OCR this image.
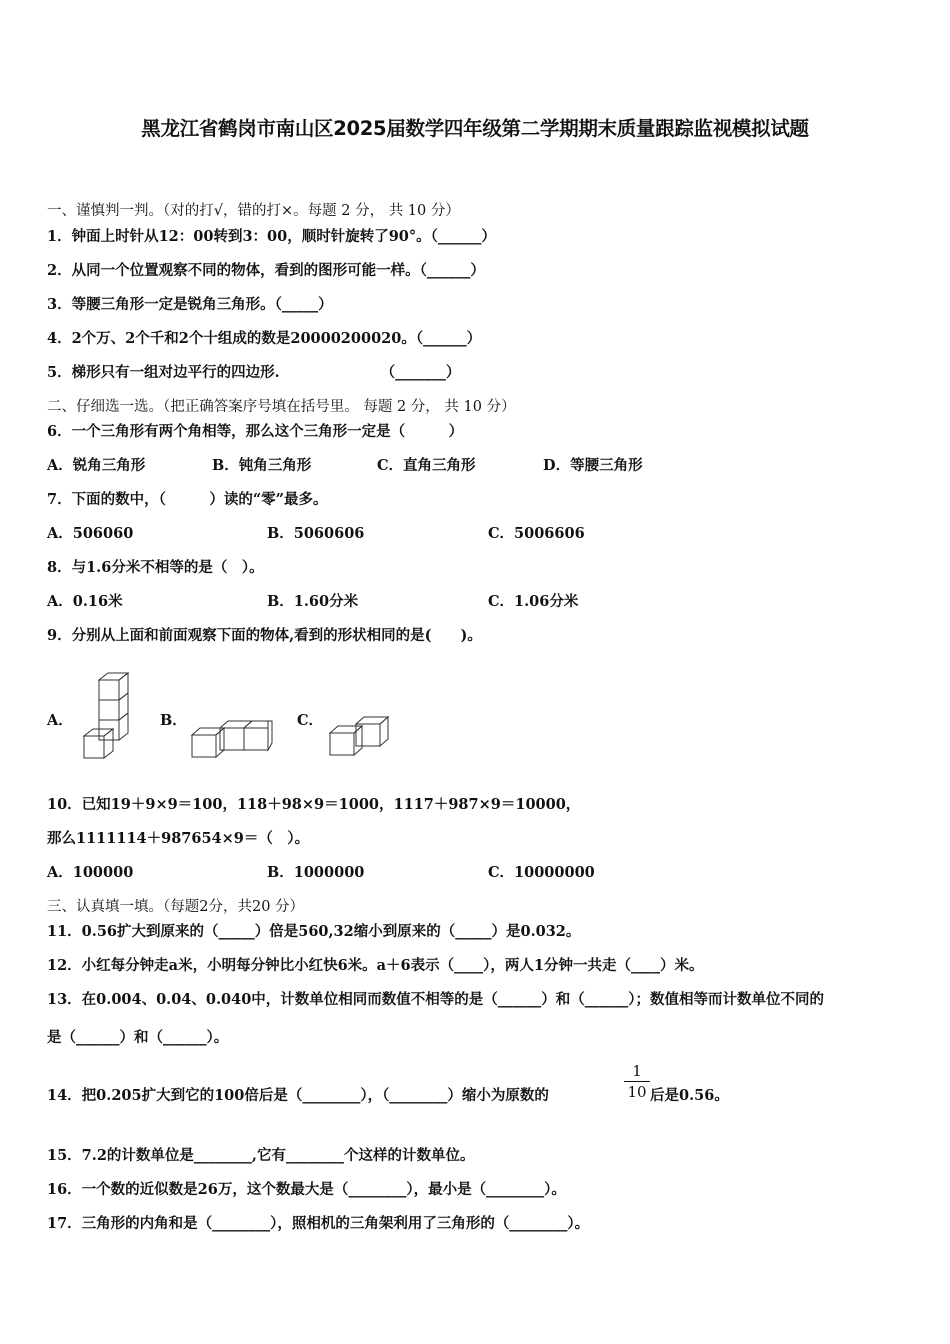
黑龙江省鹤岗市南山区2025届数学四年级第二学期期末质量跟踪监视模拟试题
一、谨慎判一判。（对的打√，错的打×。每题 2 分， 共 10 分）
1．钟面上时针从12：00转到3：00，顺时针旋转了90°。（______）
2．从同一个位置观察不同的物体，看到的图形可能一样。（______）
3．等腰三角形一定是锐角三角形。（_____）
4．2个万、2个千和2个十组成的数是20000200020。（______）
5．梯形只有一组对边平行的四边形.                    （_______）
二、仔细选一选。（把正确答案序号填在括号里。 每题 2 分， 共 10 分）
6．一个三角形有两个角相等，那么这个三角形一定是（　　　）
A．锐角三角形	B．钝角三角形	C．直角三角形	D．等腰三角形
7．下面的数中，（　　　）读的“零”最多。
A．506060	B．5060606	C．5006606
8．与1.6分米不相等的是（　）。
A．0.16米	B．1.60分米	C．1.06分米
9．分别从上面和前面观察下面的物体,看到的形状相同的是(　　)。
A．	B．	C．
10．已知19＋9×9＝100，118＋98×9＝1000，1117＋987×9＝10000，
那么1111114＋987654×9＝（　）。
A．100000	B．1000000	C．10000000
三、认真填一填。（每题2分，共20 分）
11．0.56扩大到原来的（_____）倍是560,32缩小到原来的（_____）是0.032。
12．小红每分钟走a米，小明每分钟比小红快6米。a＋6表示（____），两人1分钟一共走（____）米。
13．在0.004、0.04、0.040中，计数单位相同而数值不相等的是（______）和（______）；数值相等而计数单位不同的
是（______）和（______）。
14．把0.205扩大到它的100倍后是（________），（________）缩小为原数的
1
10 后是0.56。
15．7.2的计数单位是________,它有________个这样的计数单位。
16．一个数的近似数是26万，这个数最大是（________），最小是（________）。
17．三角形的内角和是（________），照相机的三角架利用了三角形的（________）。
